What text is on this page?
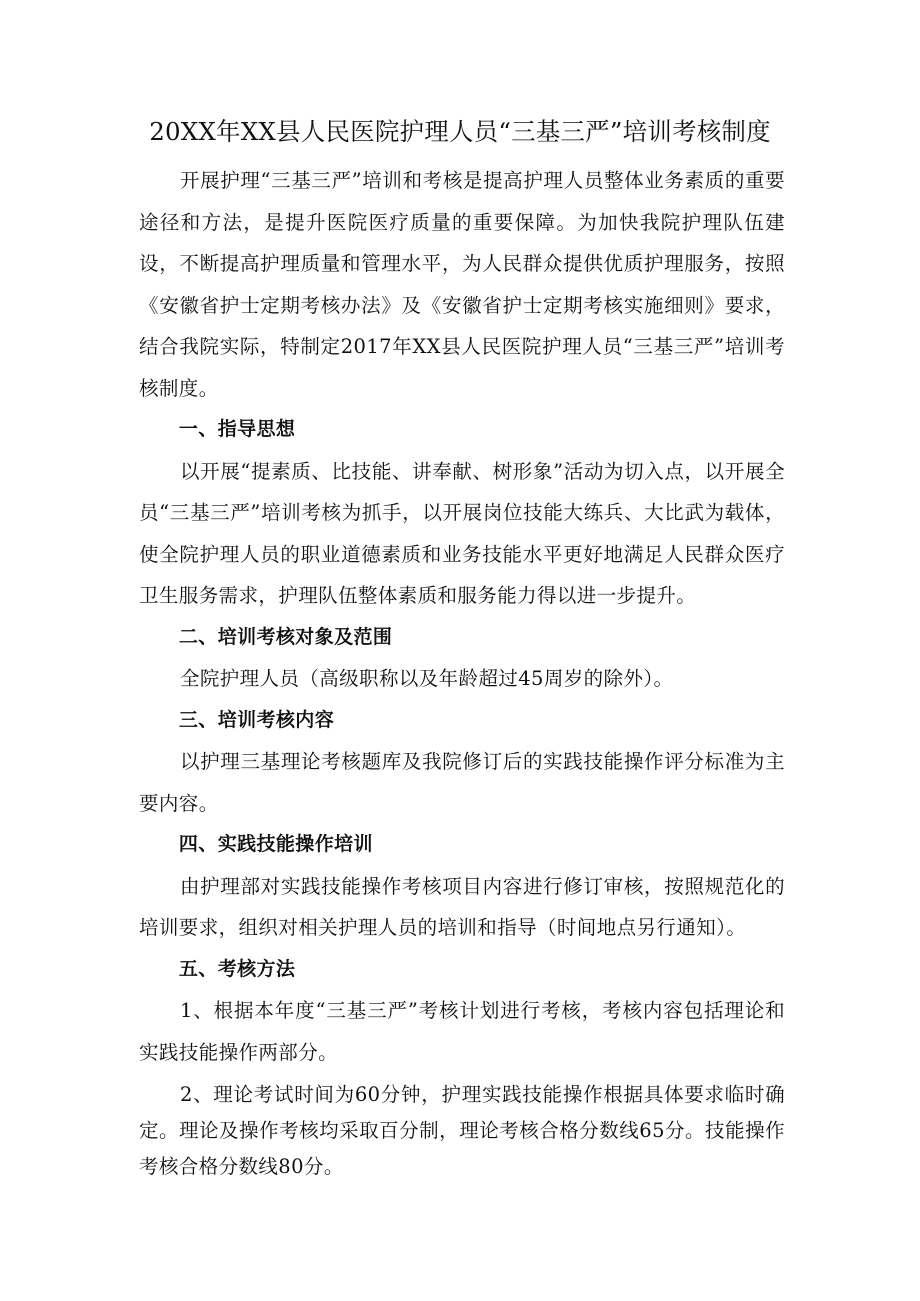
20XX年XX县人民医院护理人员“三基三严”培训考核制度

开展护理“三基三严”培训和考核是提高护理人员整体业务素质的重要途径和方法，是提升医院医疗质量的重要保障。为加快我院护理队伍建设，不断提高护理质量和管理水平，为人民群众提供优质护理服务，按照《安徽省护士定期考核办法》及《安徽省护士定期考核实施细则》要求，结合我院实际，特制定2017年XX县人民医院护理人员“三基三严”培训考核制度。

一、指导思想

以开展“提素质、比技能、讲奉献、树形象”活动为切入点，以开展全员“三基三严”培训考核为抓手，以开展岗位技能大练兵、大比武为载体，使全院护理人员的职业道德素质和业务技能水平更好地满足人民群众医疗卫生服务需求，护理队伍整体素质和服务能力得以进一步提升。

二、培训考核对象及范围

全院护理人员（高级职称以及年龄超过45周岁的除外）。

三、培训考核内容

以护理三基理论考核题库及我院修订后的实践技能操作评分标准为主要内容。

四、实践技能操作培训

由护理部对实践技能操作考核项目内容进行修订审核，按照规范化的培训要求，组织对相关护理人员的培训和指导（时间地点另行通知）。

五、考核方法

1、根据本年度“三基三严”考核计划进行考核，考核内容包括理论和实践技能操作两部分。

2、理论考试时间为60分钟，护理实践技能操作根据具体要求临时确定。理论及操作考核均采取百分制，理论考核合格分数线65分。技能操作考核合格分数线80分。
